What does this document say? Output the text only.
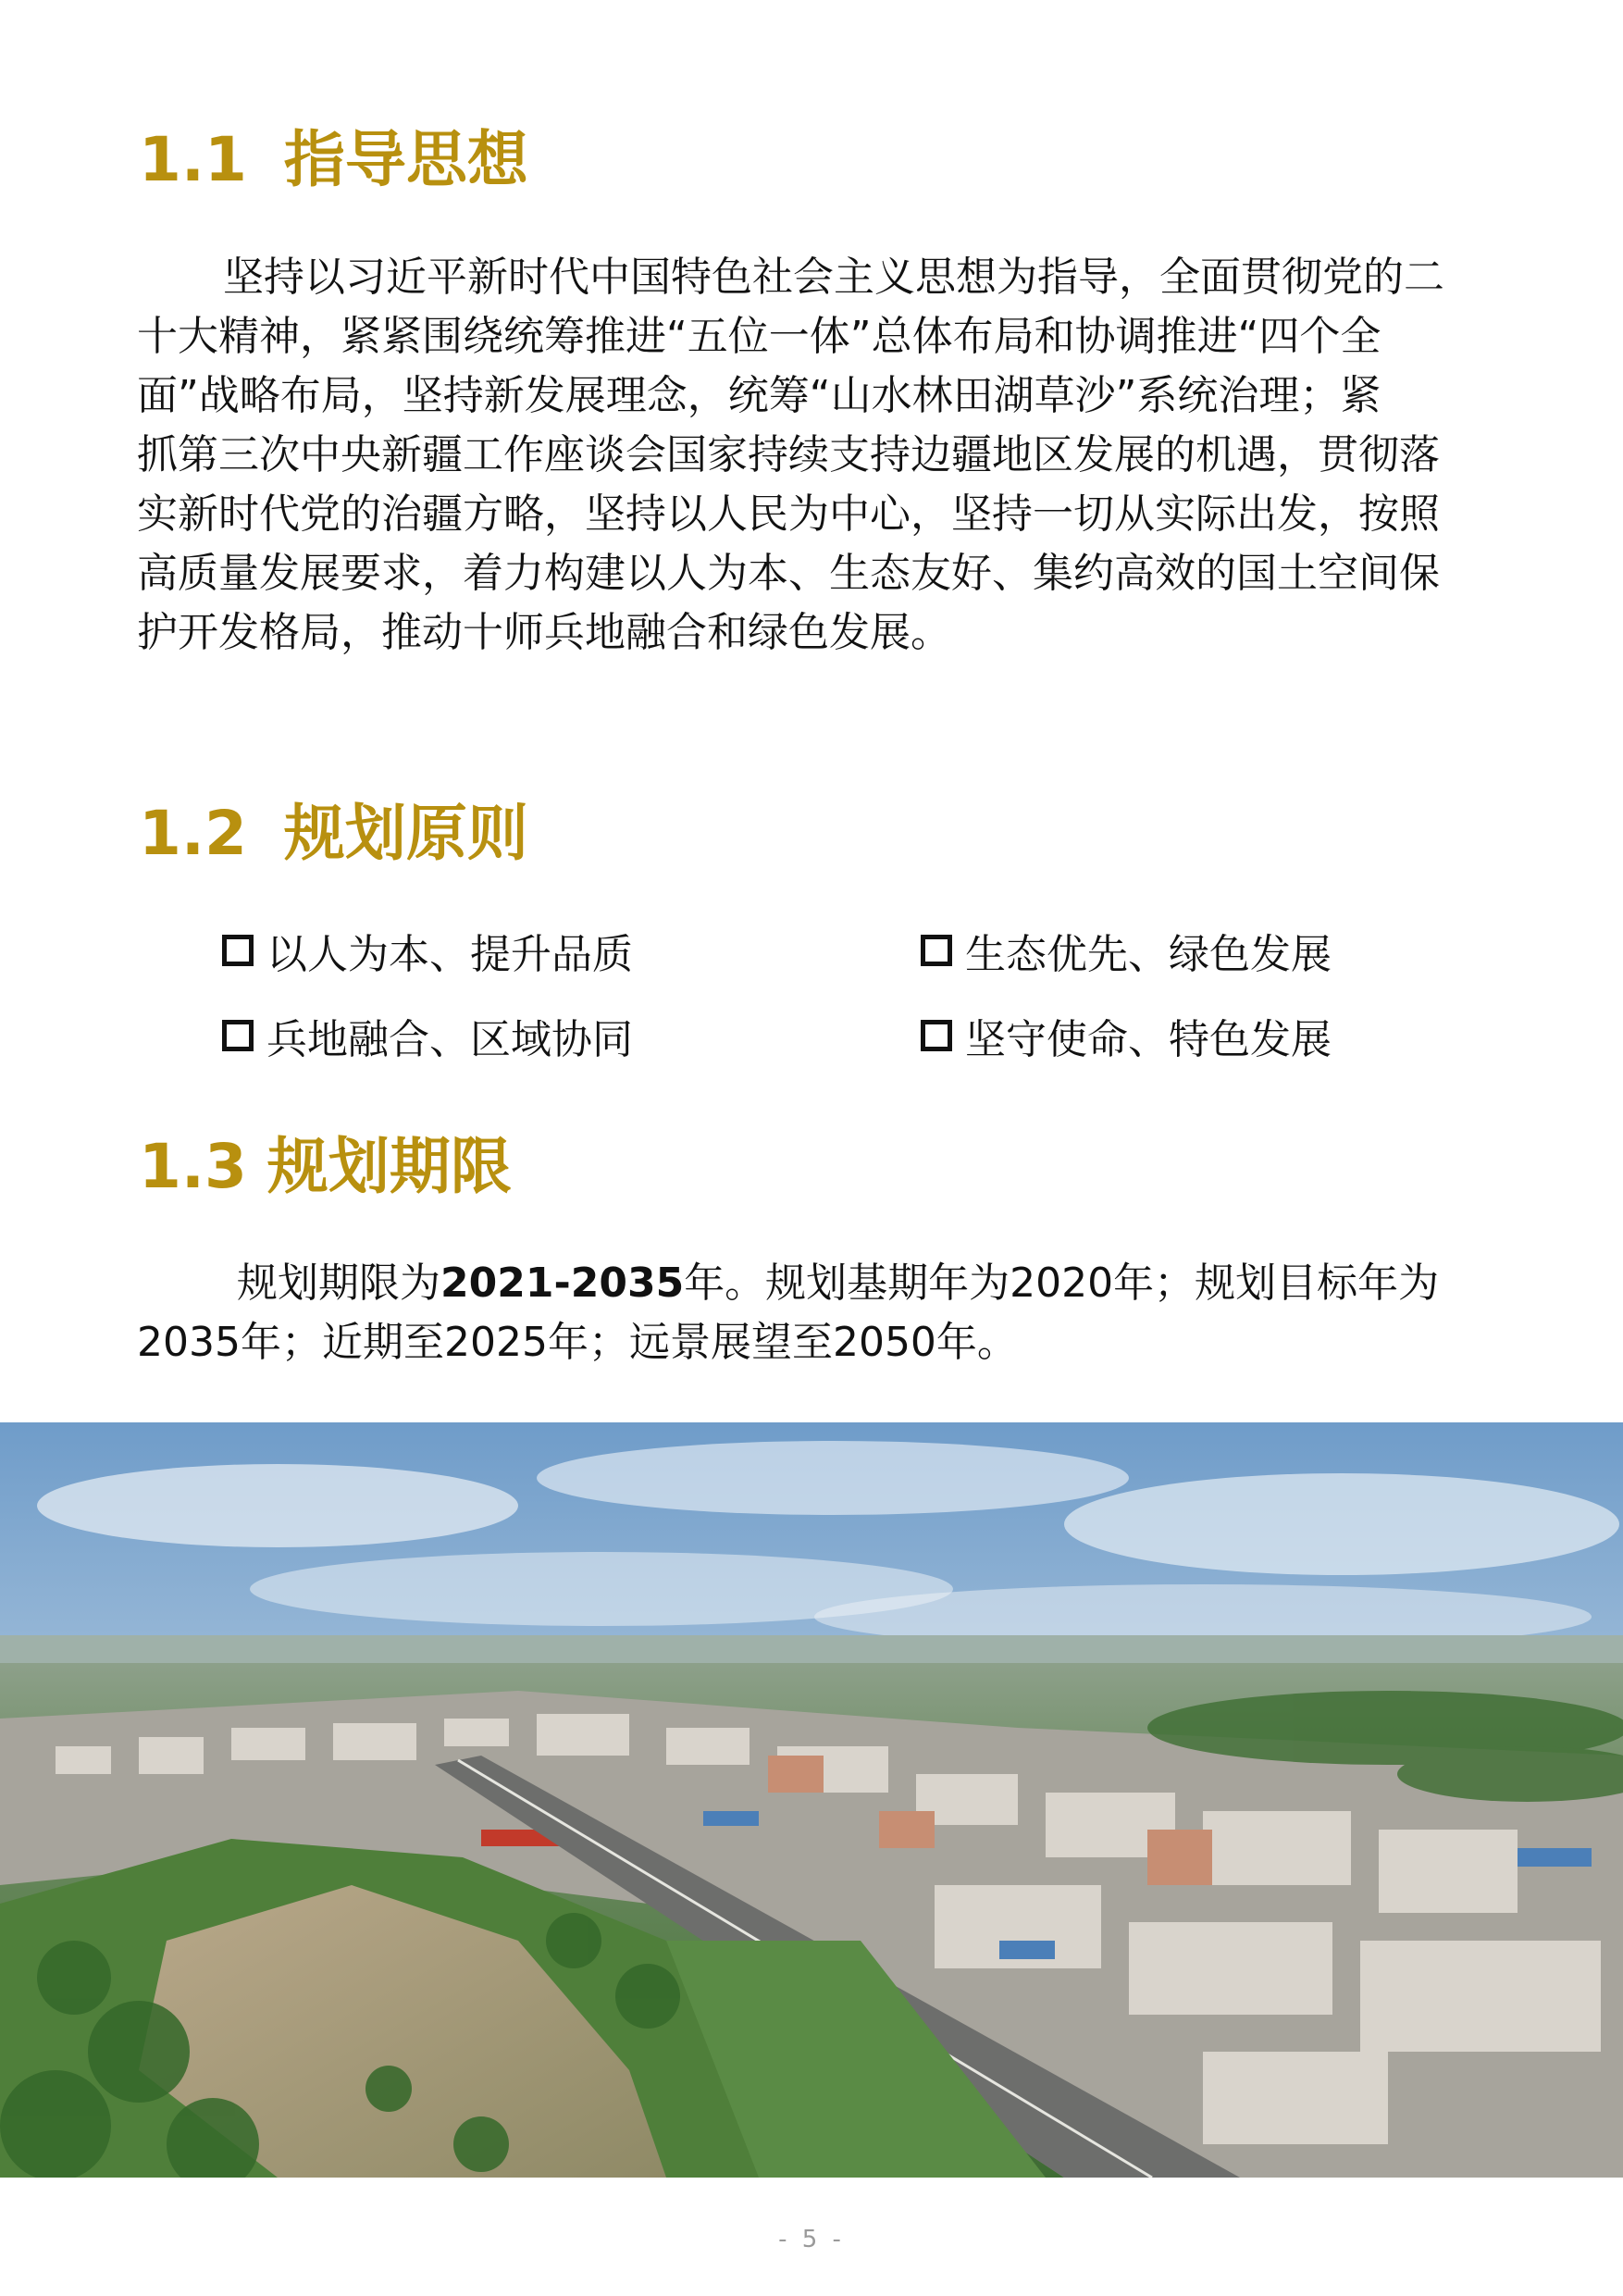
1.1 指导思想

坚持以习近平新时代中国特色社会主义思想为指导，全面贯彻党的二

十大精神，紧紧围绕统筹推进“五位一体”总体布局和协调推进“四个全

面”战略布局，坚持新发展理念，统筹“山水林田湖草沙”系统治理；紧

抓第三次中央新疆工作座谈会国家持续支持边疆地区发展的机遇，贯彻落

实新时代党的治疆方略，坚持以人民为中心，坚持一切从实际出发，按照

高质量发展要求，着力构建以人为本、生态友好、集约高效的国土空间保

护开发格局，推动十师兵地融合和绿色发展。

1.2 规划原则
以人为本、提升品质	生态优先、绿色发展
兵地融合、区域协同	坚守使命、特色发展
1.3 规划期限
规划期限为2021-2035年。规划基期年为2020年；规划目标年为
2035年；近期至2025年；远景展望至2050年。
- 5 -
